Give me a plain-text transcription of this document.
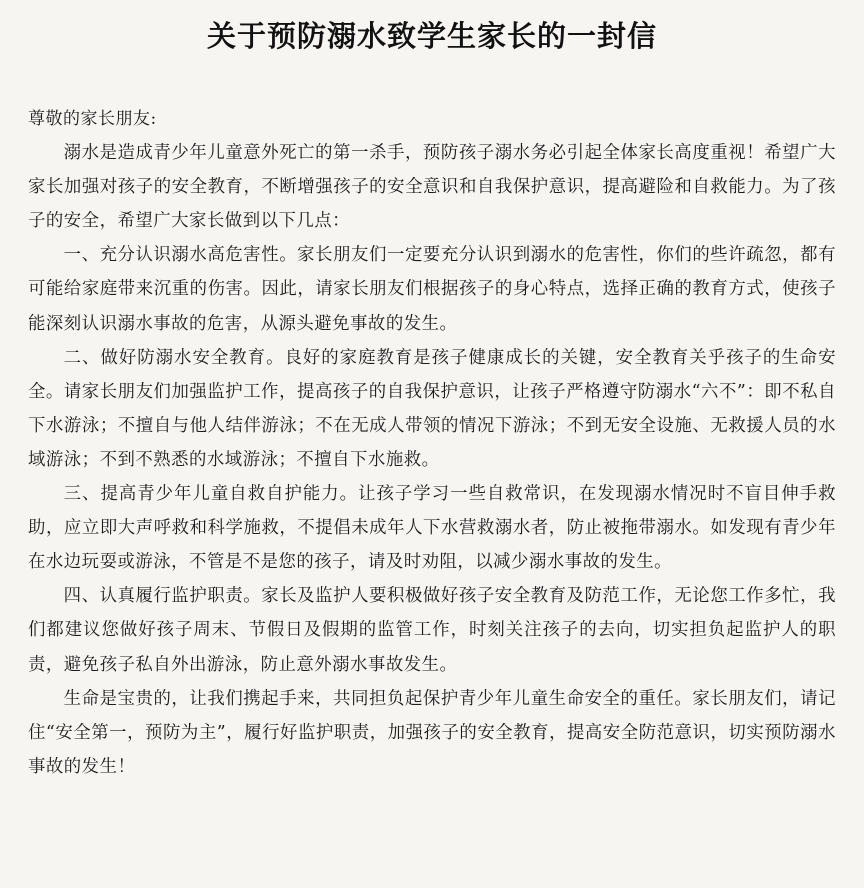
关于预防溺水致学生家长的一封信

尊敬的家长朋友:

溺水是造成青少年儿童意外死亡的第一杀手，预防孩子溺水务必引起全体家长高度重视！希望广大家长加强对孩子的安全教育，不断增强孩子的安全意识和自我保护意识，提高避险和自救能力。为了孩子的安全，希望广大家长做到以下几点：

一、充分认识溺水高危害性。家长朋友们一定要充分认识到溺水的危害性，你们的些许疏忽，都有可能给家庭带来沉重的伤害。因此，请家长朋友们根据孩子的身心特点，选择正确的教育方式，使孩子能深刻认识溺水事故的危害，从源头避免事故的发生。

二、做好防溺水安全教育。良好的家庭教育是孩子健康成长的关键，安全教育关乎孩子的生命安全。请家长朋友们加强监护工作，提高孩子的自我保护意识，让孩子严格遵守防溺水“六不”：即不私自下水游泳；不擅自与他人结伴游泳；不在无成人带领的情况下游泳；不到无安全设施、无救援人员的水域游泳；不到不熟悉的水域游泳；不擅自下水施救。

三、提高青少年儿童自救自护能力。让孩子学习一些自救常识，在发现溺水情况时不盲目伸手救助，应立即大声呼救和科学施救，不提倡未成年人下水营救溺水者，防止被拖带溺水。如发现有青少年在水边玩耍或游泳，不管是不是您的孩子，请及时劝阻，以减少溺水事故的发生。

四、认真履行监护职责。家长及监护人要积极做好孩子安全教育及防范工作，无论您工作多忙，我们都建议您做好孩子周末、节假日及假期的监管工作，时刻关注孩子的去向，切实担负起监护人的职责，避免孩子私自外出游泳，防止意外溺水事故发生。

生命是宝贵的，让我们携起手来，共同担负起保护青少年儿童生命安全的重任。家长朋友们，请记住“安全第一，预防为主”，履行好监护职责，加强孩子的安全教育，提高安全防范意识，切实预防溺水事故的发生！
